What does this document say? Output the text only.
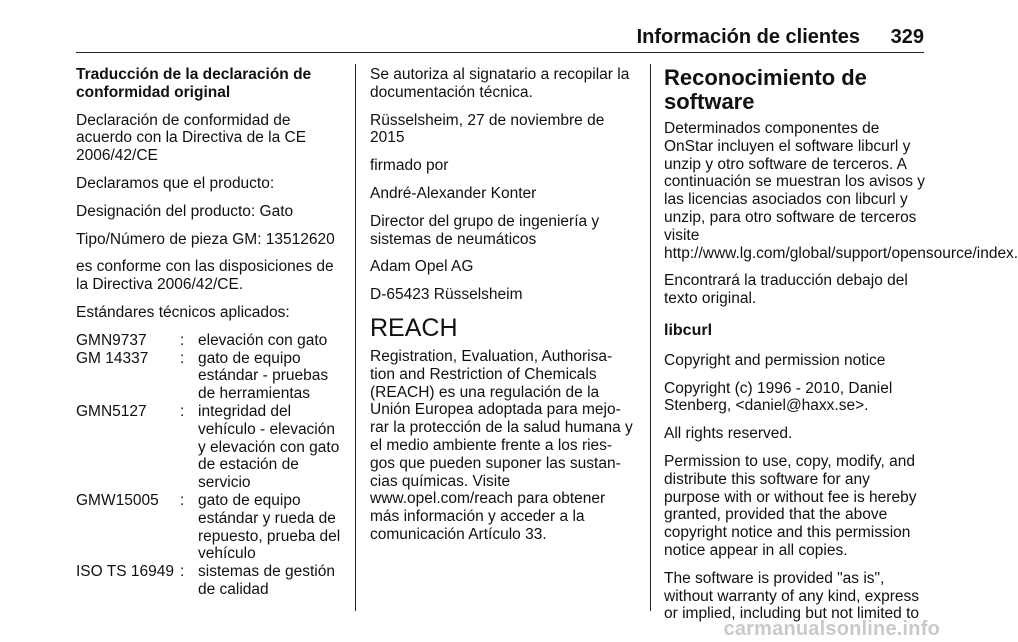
Información de clientes	329

Traducción de la declaración de conformidad original

Declaración de conformidad de acuerdo con la Directiva de la CE 2006/42/CE

Declaramos que el producto:

Designación del producto: Gato

Tipo/Número de pieza GM: 13512620

es conforme con las disposiciones de la Directiva 2006/42/CE.

Estándares técnicos aplicados:

GMN9737	: elevación con gato
GM 14337	: gato de equipo estándar - pruebas de herramientas
GMN5127	: integridad del vehículo - elevación y elevación con gato de estación de servicio
GMW15005	: gato de equipo estándar y rueda de repuesto, prueba del vehículo
ISO TS 16949 : sistemas de gestión de calidad

Se autoriza al signatario a recopilar la documentación técnica.

Rüsselsheim, 27 de noviembre de 2015

firmado por

André-Alexander Konter

Director del grupo de ingeniería y sistemas de neumáticos

Adam Opel AG

D-65423 Rüsselsheim

REACH

Registration, Evaluation, Authorisa-tion and Restriction of Chemicals (REACH) es una regulación de la Unión Europea adoptada para mejo-rar la protección de la salud humana y el medio ambiente frente a los ries-gos que pueden suponer las sustan-cias químicas. Visite www.opel.com/reach para obtener más información y acceder a la comunicación Artículo 33.

Reconocimiento de software

Determinados componentes de OnStar incluyen el software libcurl y unzip y otro software de terceros. A continuación se muestran los avisos y las licencias asociados con libcurl y unzip, para otro software de terceros visite http://www.lg.com/global/support/opensource/index.

Encontrará la traducción debajo del texto original.

libcurl

Copyright and permission notice

Copyright (c) 1996 - 2010, Daniel Stenberg, <daniel@haxx.se>.

All rights reserved.

Permission to use, copy, modify, and distribute this software for any purpose with or without fee is hereby granted, provided that the above copyright notice and this permission notice appear in all copies.

The software is provided "as is", without warranty of any kind, express or implied, including but not limited to

carmanualsonline.info
